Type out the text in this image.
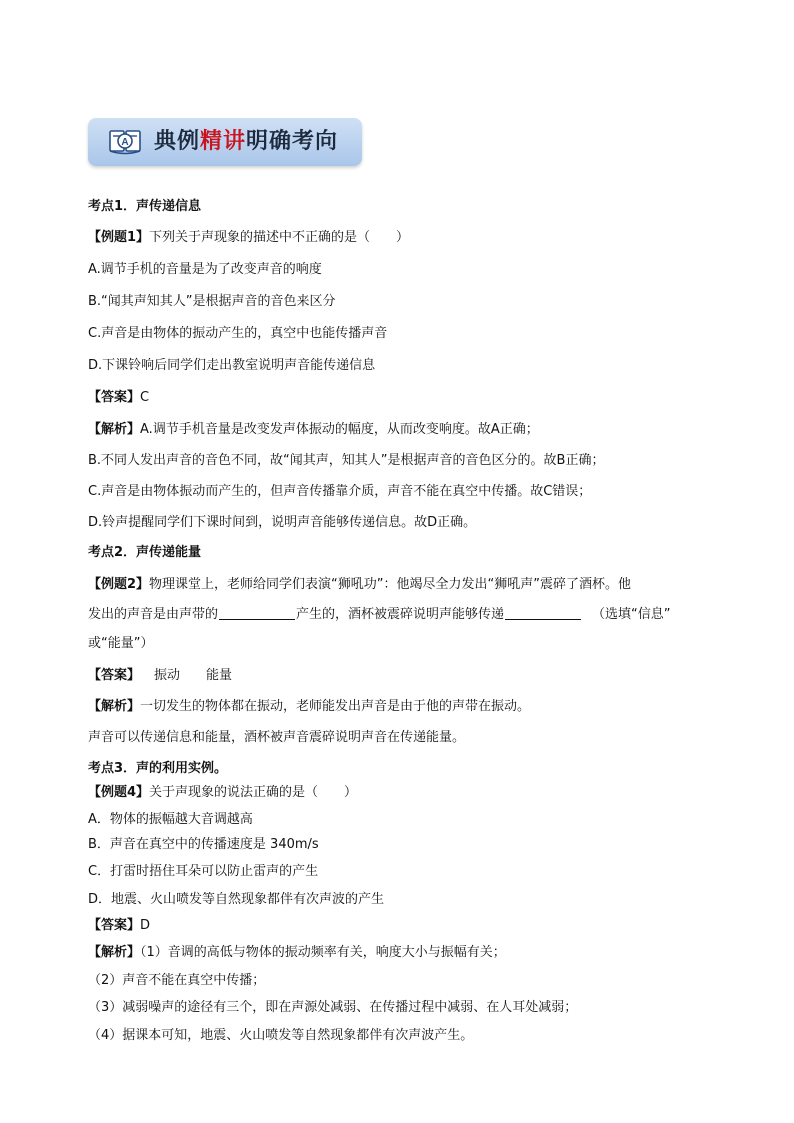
A 典例精讲明确考向
考点1．声传递信息
【例题1】下列关于声现象的描述中不正确的是（　　）
A.调节手机的音量是为了改变声音的响度
B.“闻其声知其人”是根据声音的音色来区分
C.声音是由物体的振动产生的，真空中也能传播声音
D.下课铃响后同学们走出教室说明声音能传递信息
【答案】C
【解析】A.调节手机音量是改变发声体振动的幅度，从而改变响度。故A正确；
B.不同人发出声音的音色不同，故“闻其声，知其人”是根据声音的音色区分的。故B正确；
C.声音是由物体振动而产生的，但声音传播靠介质，声音不能在真空中传播。故C错误；
D.铃声提醒同学们下课时间到，说明声音能够传递信息。故D正确。
考点2．声传递能量
【例题2】物理课堂上，老师给同学们表演“狮吼功”：他竭尽全力发出“狮吼声”震碎了酒杯。他
发出的声音是由声带的	产生的，酒杯被震碎说明声能够传递	（选填“信息”
或“能量”）
【答案】 振动 能量
【解析】一切发生的物体都在振动，老师能发出声音是由于他的声带在振动。
声音可以传递信息和能量，酒杯被声音震碎说明声音在传递能量。
考点3．声的利用实例。
【例题4】关于声现象的说法正确的是（　　）
A．物体的振幅越大音调越高
B．声音在真空中的传播速度是 340m/s
C．打雷时捂住耳朵可以防止雷声的产生
D．地震、火山喷发等自然现象都伴有次声波的产生
【答案】D
【解析】（1）音调的高低与物体的振动频率有关，响度大小与振幅有关；
（2）声音不能在真空中传播；
（3）减弱噪声的途径有三个，即在声源处减弱、在传播过程中减弱、在人耳处减弱；
（4）据课本可知，地震、火山喷发等自然现象都伴有次声波产生。
